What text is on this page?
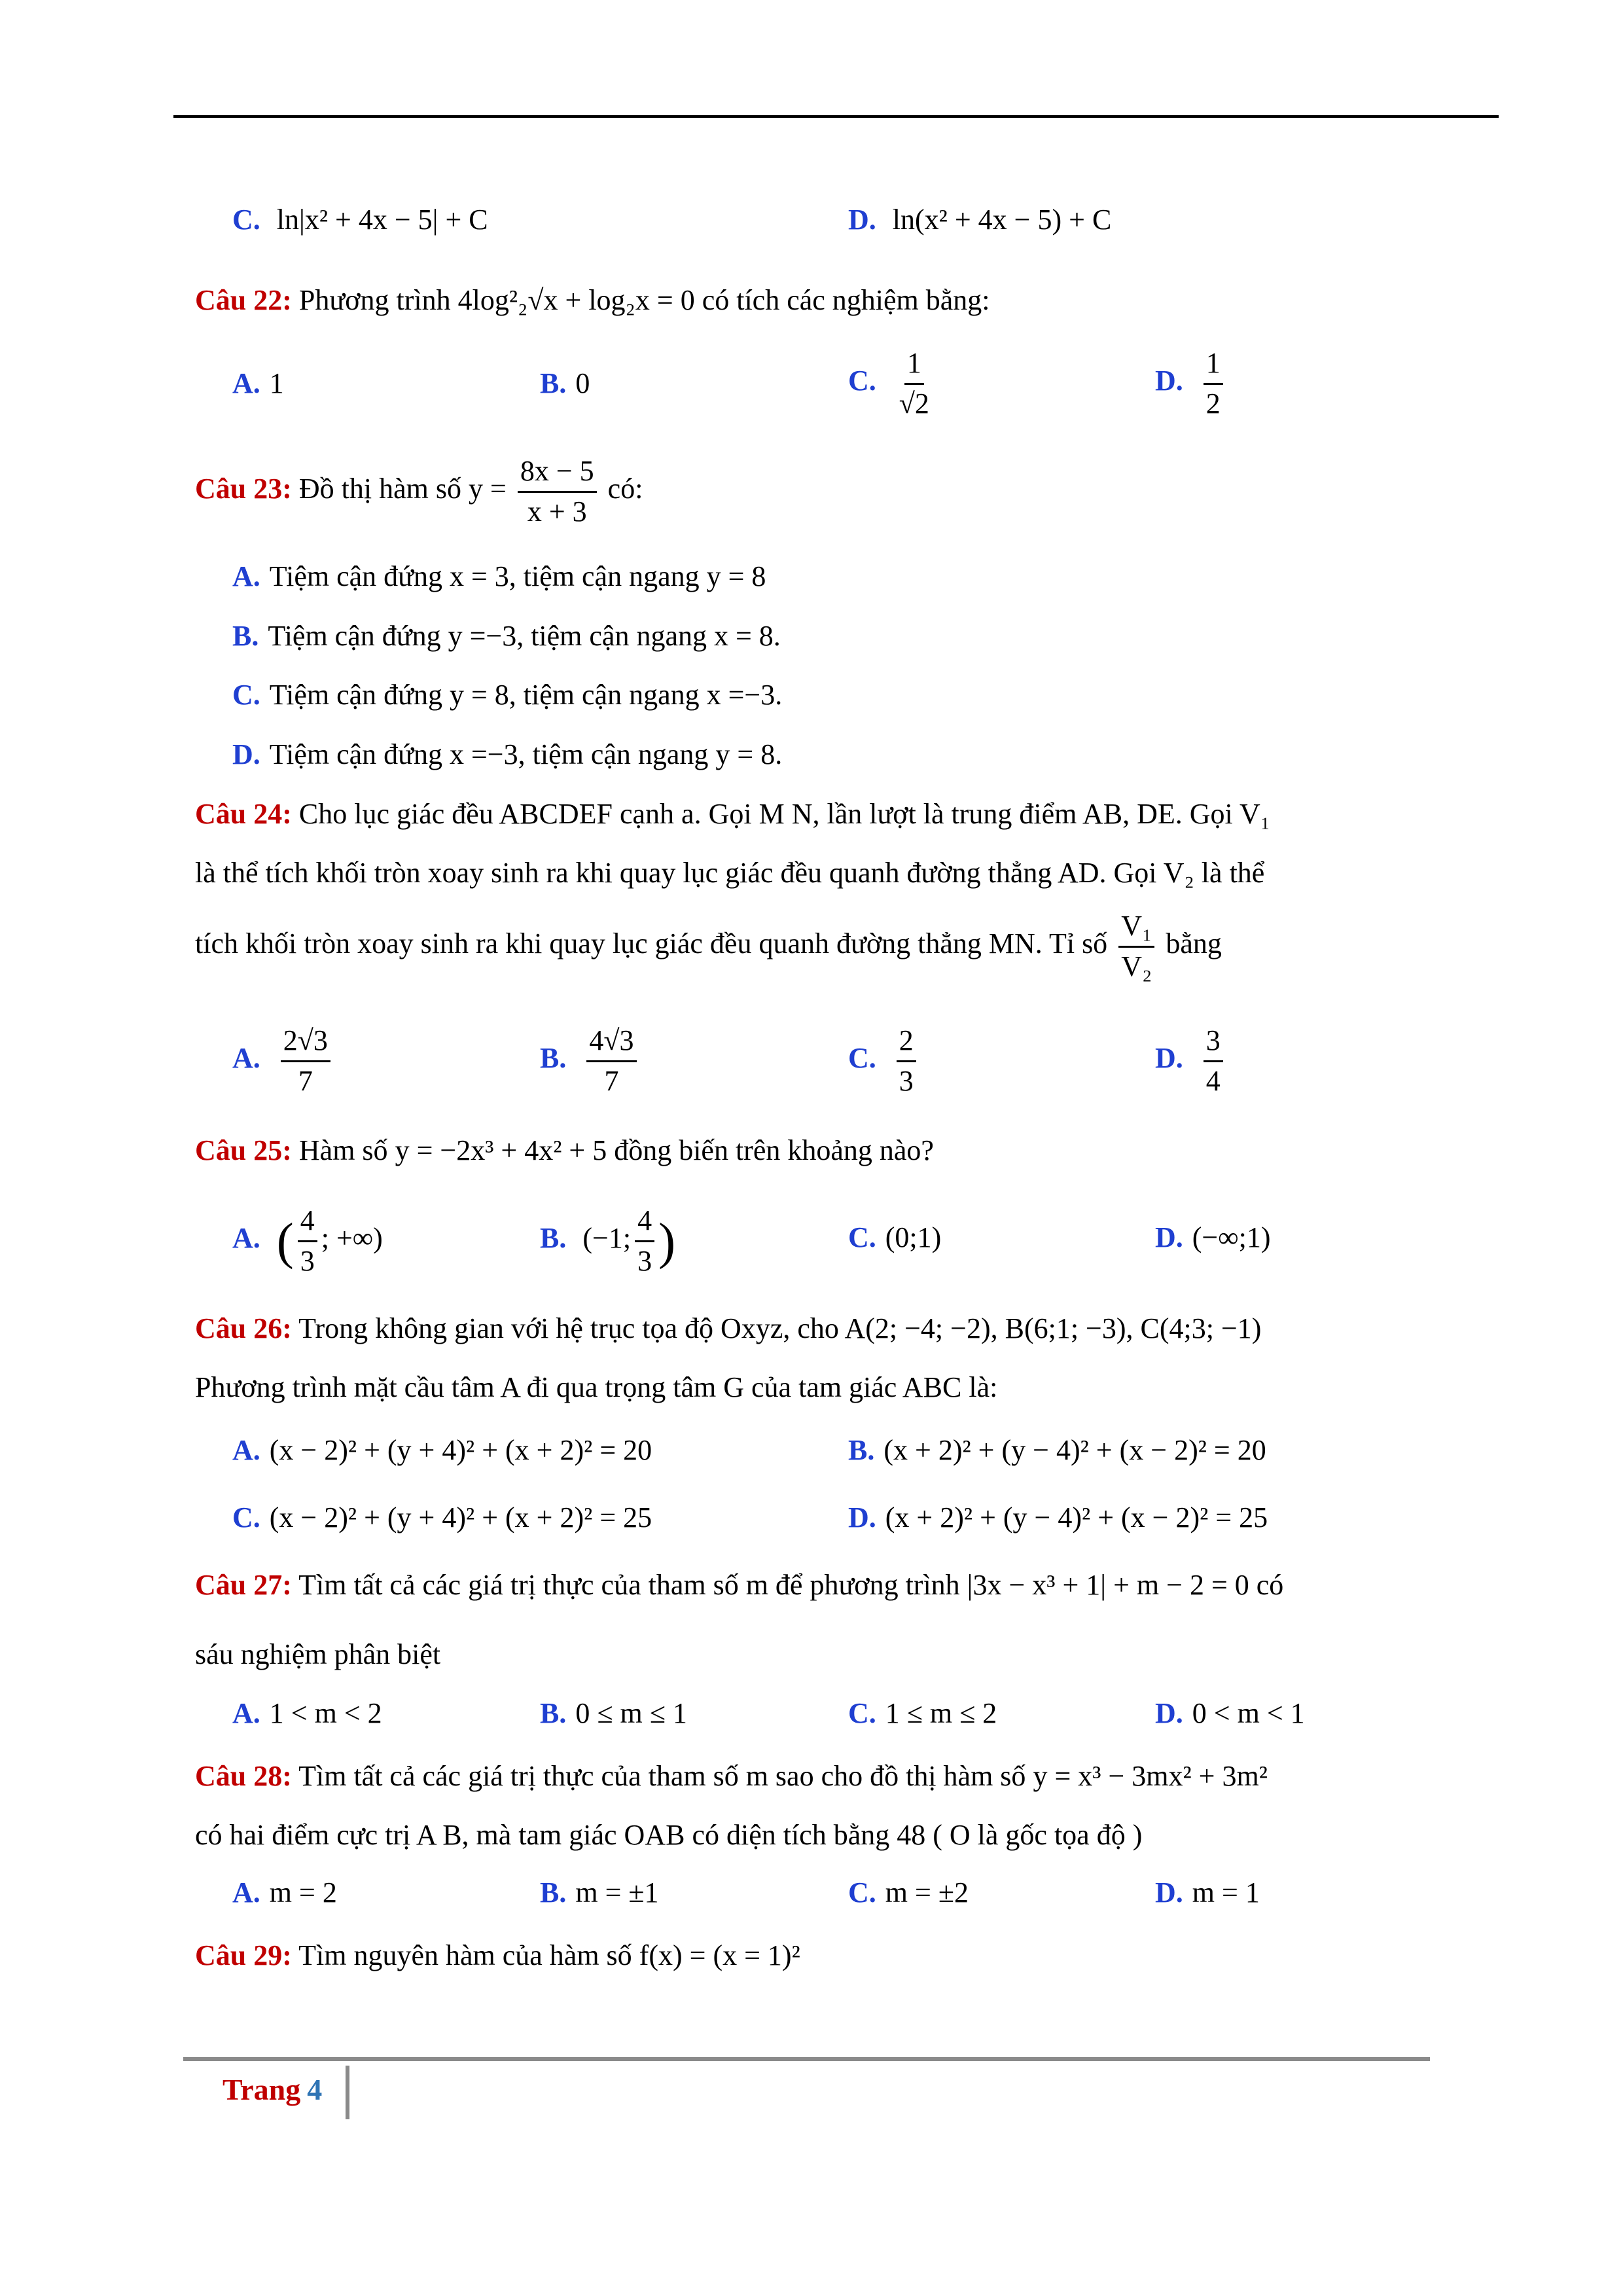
C. ln|x² + 4x − 5| + C	D. ln(x² + 4x − 5) + C
Câu 22: Phương trình 4log²₂√x + log₂x = 0 có tích các nghiệm bằng:
A. 1	B. 0	C. $\frac{1}{√2}$	D. $\frac{1}{2}$
Câu 23: Đồ thị hàm số $y = \frac{8x - 5}{x + 3}$ có:
A. Tiệm cận đứng x = 3, tiệm cận ngang y = 8
B. Tiệm cận đứng y =−3, tiệm cận ngang x = 8.
C. Tiệm cận đứng y = 8, tiệm cận ngang x =−3.
D. Tiệm cận đứng x =−3, tiệm cận ngang y = 8.
Câu 24: Cho lục giác đều ABCDEF cạnh a. Gọi M N, lần lượt là trung điểm AB, DE. Gọi V₁
là thể tích khối tròn xoay sinh ra khi quay lục giác đều quanh đường thẳng AD. Gọi V₂ là thể
tích khối tròn xoay sinh ra khi quay lục giác đều quanh đường thẳng MN. Tỉ số $\frac{\text{V₁}}{\text{V₂}}$ bằng
A. $\frac{2√3}{7}$	B. $\frac{4√3}{7}$	C. $\frac{2}{3}$	D. $\frac{3}{4}$
Câu 25: Hàm số y = −2x³ + 4x² + 5 đồng biến trên khoảng nào?
A. ( $\frac{4}{3}$ ; +∞)	B. (−1; $\frac{4}{3}$ )	C. (0;1)	D. (−∞;1)
Câu 26: Trong không gian với hệ trục tọa độ Oxyz, cho A(2; −4; −2), B(6;1; −3), C(4;3; −1)
Phương trình mặt cầu tâm A đi qua trọng tâm G của tam giác ABC là:
A. (x − 2)² + (y + 4)² + (x + 2)² = 20	B. (x + 2)² + (y − 4)² + (x − 2)² = 20
C. (x − 2)² + (y + 4)² + (x + 2)² = 25	D. (x + 2)² + (y − 4)² + (x − 2)² = 25
Câu 27: Tìm tất cả các giá trị thực của tham số m để phương trình |3x − x³ + 1| + m − 2 = 0 có
sáu nghiệm phân biệt
A. 1 < m < 2	B. 0 ≤ m ≤ 1	C. 1 ≤ m ≤ 2	D. 0 < m < 1
Câu 28: Tìm tất cả các giá trị thực của tham số m sao cho đồ thị hàm số y = x³ − 3mx² + 3m²
có hai điểm cực trị A B, mà tam giác OAB có diện tích bằng 48 ( O là gốc tọa độ )
A. m = 2	B. m = ±1	C. m = ±2	D. m = 1
Câu 29: Tìm nguyên hàm của hàm số f(x) = (x = 1)²
Trang 4
